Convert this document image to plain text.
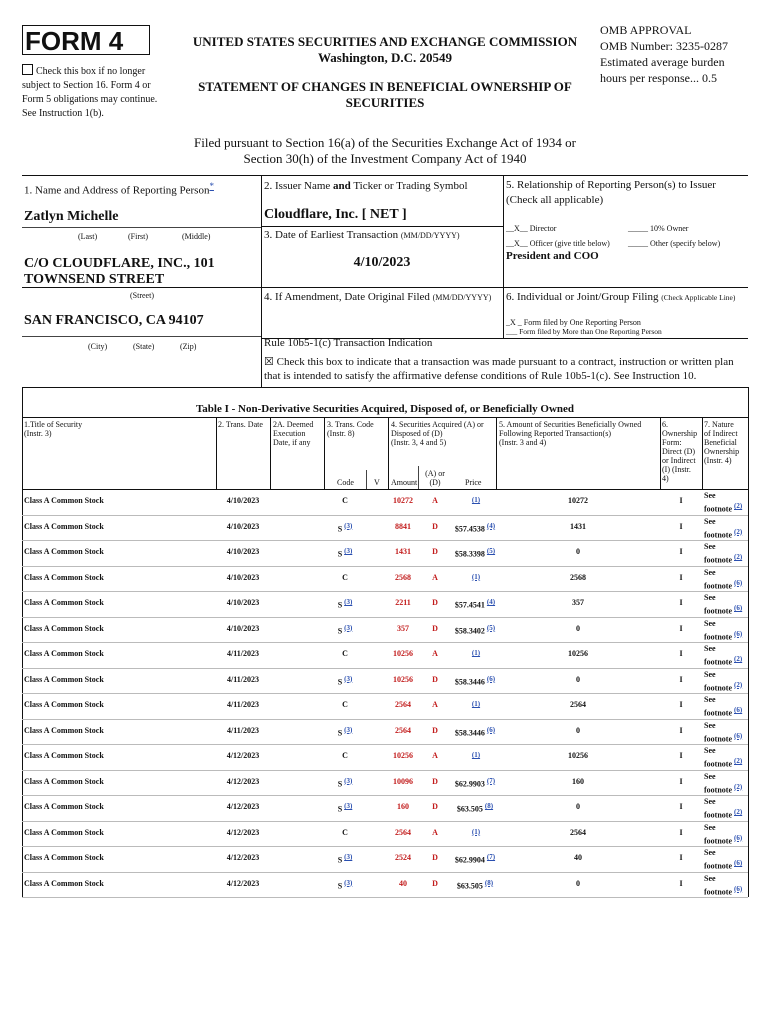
FORM 4
Check this box if no longer subject to Section 16. Form 4 or Form 5 obligations may continue. See Instruction 1(b).
UNITED STATES SECURITIES AND EXCHANGE COMMISSION
Washington, D.C. 20549
STATEMENT OF CHANGES IN BENEFICIAL OWNERSHIP OF SECURITIES
OMB APPROVAL
OMB Number: 3235-0287
Estimated average burden
hours per response... 0.5
Filed pursuant to Section 16(a) of the Securities Exchange Act of 1934 or
Section 30(h) of the Investment Company Act of 1940
1. Name and Address of Reporting Person*
Zatlyn Michelle
(Last)	(First)	(Middle)
C/O CLOUDFLARE, INC., 101
TOWNSEND STREET
(Street)
SAN FRANCISCO, CA 94107
(City)	(State)	(Zip)
2. Issuer Name and Ticker or Trading Symbol
Cloudflare, Inc. [ NET ]
3. Date of Earliest Transaction (MM/DD/YYYY)
4/10/2023
4. If Amendment, Date Original Filed (MM/DD/YYYY)
5. Relationship of Reporting Person(s) to Issuer
(Check all applicable)
__X__ Director	_____ 10% Owner
__X__ Officer (give title below) _____ Other (specify below)
President and COO
6. Individual or Joint/Group Filing (Check Applicable Line)
_X _ Form filed by One Reporting Person
___ Form filed by More than One Reporting Person
Rule 10b5-1(c) Transaction Indication
☒ Check this box to indicate that a transaction was made pursuant to a contract, instruction or written plan
that is intended to satisfy the affirmative defense conditions of Rule 10b5-1(c). See Instruction 10.
Table I - Non-Derivative Securities Acquired, Disposed of, or Beneficially Owned
1.Title of Security
(Instr. 3)
2. Trans. Date 2A. Deemed
Execution
Date, if any
3. Trans. Code
(Instr. 8)
4. Securities Acquired (A) or
Disposed of (D)
(Instr. 3, 4 and 5)
5. Amount of Securities Beneficially Owned
Following Reported Transaction(s)
(Instr. 3 and 4)
6.
Ownership
Form:
Direct (D)
or Indirect
(I) (Instr.
4)
7. Nature
of Indirect
Beneficial
Ownership
(Instr. 4)
Code	V Amount
(A) or
(D)	Price
Class A Common Stock	4/10/2023	C	10272	A	(1)	10272	I
See footnote (2)
Class A Common Stock	4/10/2023	S (3)	8841	D	$57.4538 (4)	1431	I
See footnote (2)
Class A Common Stock	4/10/2023	S (3)	1431	D	$58.3398 (5)	0	I
See footnote (2)
Class A Common Stock	4/10/2023	C	2568	A	(1)	2568	I
See footnote (6)
Class A Common Stock	4/10/2023	S (3)	2211	D	$57.4541 (4)	357	I
See footnote (6)
Class A Common Stock	4/10/2023	S (3)	357	D	$58.3402 (5)	0	I
See footnote (6)
Class A Common Stock	4/11/2023	C	10256	A	(1)	10256	I
See footnote (2)
Class A Common Stock	4/11/2023	S (3)	10256	D	$58.3446 (6)	0	I
See footnote (2)
Class A Common Stock	4/11/2023	C	2564	A	(1)	2564	I
See footnote (6)
Class A Common Stock	4/11/2023	S (3)	2564	D	$58.3446 (6)	0	I
See footnote (6)
Class A Common Stock	4/12/2023	C	10256	A	(1)	10256	I
See footnote (2)
Class A Common Stock	4/12/2023	S (3)	10096	D	$62.9903 (7)	160	I
See footnote (2)
Class A Common Stock	4/12/2023	S (3)	160	D	$63.505 (8)	0	I
See footnote (2)
Class A Common Stock	4/12/2023	C	2564	A	(1)	2564	I
See footnote (6)
Class A Common Stock	4/12/2023	S (3)	2524	D	$62.9904 (7)	40	I
See footnote (6)
Class A Common Stock	4/12/2023	S (3)	40	D	$63.505 (8)	0	I
See footnote (6)
